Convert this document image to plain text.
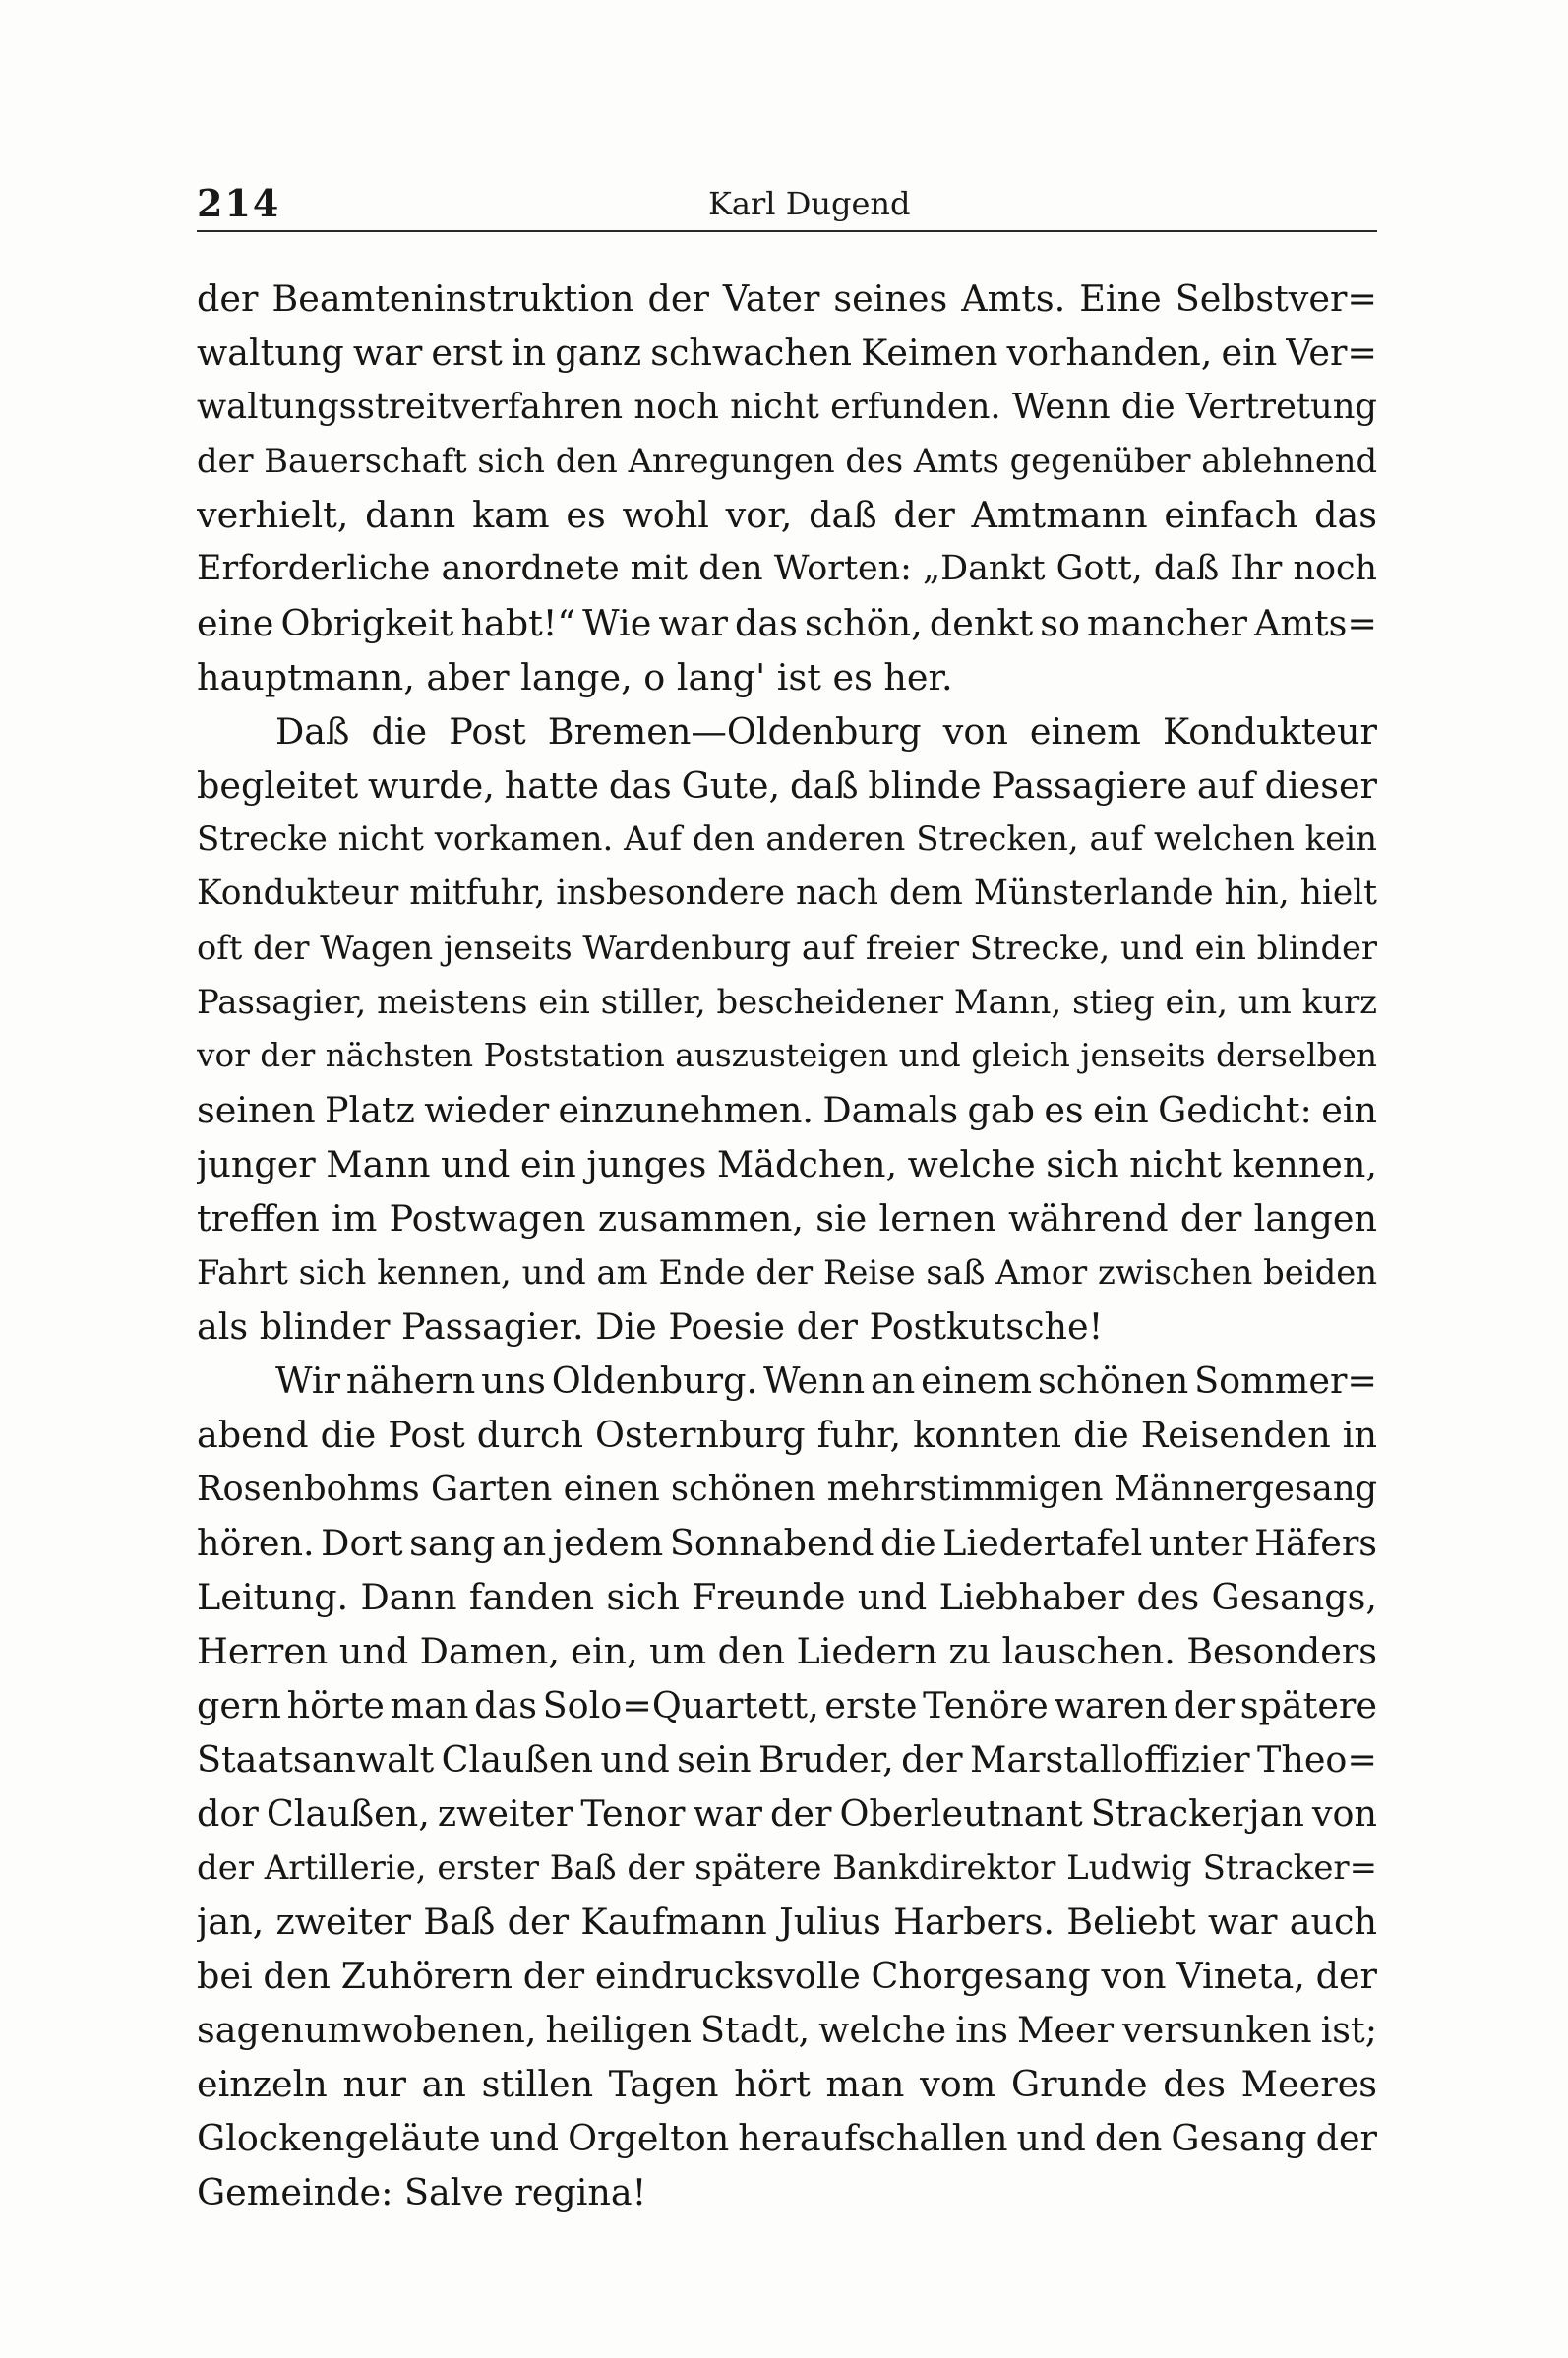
214	Karl Dugend
der Beamteninstruktion der Vater seines Amts. Eine Selbstver=
waltung war erst in ganz schwachen Keimen vorhanden, ein Ver=
waltungsstreitverfahren noch nicht erfunden. Wenn die Vertretung
der Bauerschaft sich den Anregungen des Amts gegenüber ablehnend
verhielt, dann kam es wohl vor, daß der Amtmann einfach das
Erforderliche anordnete mit den Worten: „Dankt Gott, daß Ihr noch
eine Obrigkeit habt!“ Wie war das schön, denkt so mancher Amts=
hauptmann, aber lange, o lang' ist es her.
Daß die Post Bremen—Oldenburg von einem Kondukteur
begleitet wurde, hatte das Gute, daß blinde Passagiere auf dieser
Strecke nicht vorkamen. Auf den anderen Strecken, auf welchen kein
Kondukteur mitfuhr, insbesondere nach dem Münsterlande hin, hielt
oft der Wagen jenseits Wardenburg auf freier Strecke, und ein blinder
Passagier, meistens ein stiller, bescheidener Mann, stieg ein, um kurz
vor der nächsten Poststation auszusteigen und gleich jenseits derselben
seinen Platz wieder einzunehmen. Damals gab es ein Gedicht: ein
junger Mann und ein junges Mädchen, welche sich nicht kennen,
treffen im Postwagen zusammen, sie lernen während der langen
Fahrt sich kennen, und am Ende der Reise saß Amor zwischen beiden
als blinder Passagier. Die Poesie der Postkutsche!
Wir nähern uns Oldenburg. Wenn an einem schönen Sommer=
abend die Post durch Osternburg fuhr, konnten die Reisenden in
Rosenbohms Garten einen schönen mehrstimmigen Männergesang
hören. Dort sang an jedem Sonnabend die Liedertafel unter Häfers
Leitung. Dann fanden sich Freunde und Liebhaber des Gesangs,
Herren und Damen, ein, um den Liedern zu lauschen. Besonders
gern hörte man das Solo=Quartett, erste Tenöre waren der spätere
Staatsanwalt Claußen und sein Bruder, der Marstalloffizier Theo=
dor Claußen, zweiter Tenor war der Oberleutnant Strackerjan von
der Artillerie, erster Baß der spätere Bankdirektor Ludwig Stracker=
jan, zweiter Baß der Kaufmann Julius Harbers. Beliebt war auch
bei den Zuhörern der eindrucksvolle Chorgesang von Vineta, der
sagenumwobenen, heiligen Stadt, welche ins Meer versunken ist;
einzeln nur an stillen Tagen hört man vom Grunde des Meeres
Glockengeläute und Orgelton heraufschallen und den Gesang der
Gemeinde: Salve regina!
